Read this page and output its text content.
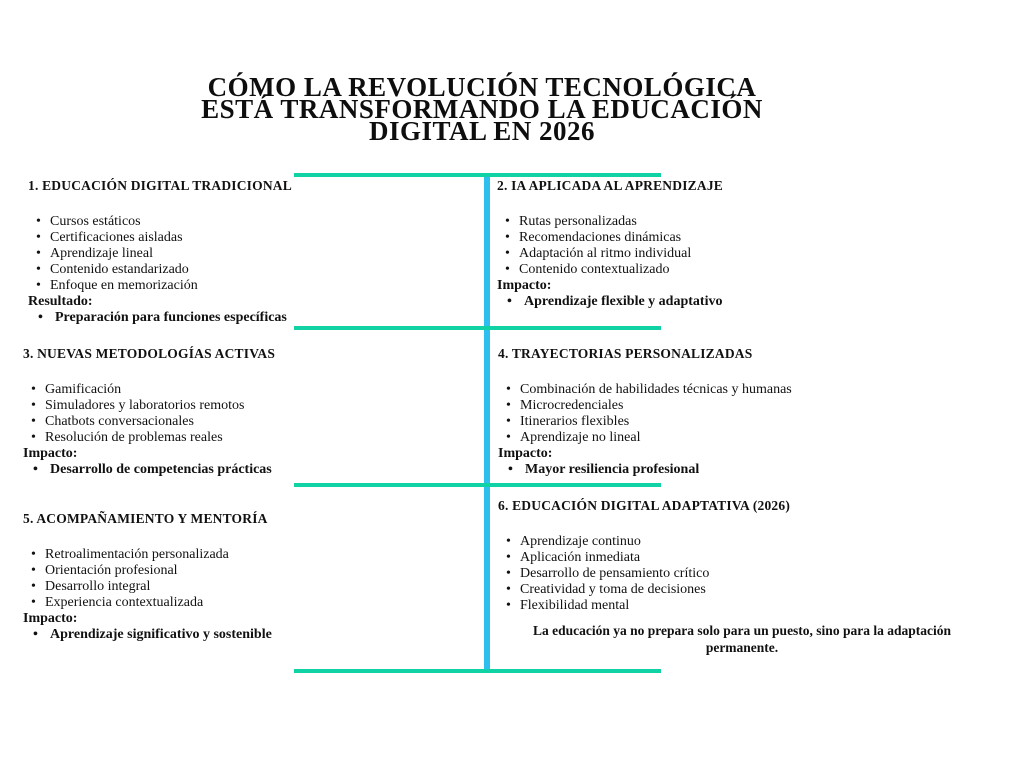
CÓMO LA REVOLUCIÓN TECNOLÓGICA
ESTÁ TRANSFORMANDO LA EDUCACIÓN
DIGITAL EN 2026
1. EDUCACIÓN DIGITAL TRADICIONAL
• Cursos estáticos
• Certificaciones aisladas
• Aprendizaje lineal
• Contenido estandarizado
• Enfoque en memorización
Resultado:
• Preparación para funciones específicas
2. IA APLICADA AL APRENDIZAJE
• Rutas personalizadas
• Recomendaciones dinámicas
• Adaptación al ritmo individual
• Contenido contextualizado
Impacto:
• Aprendizaje flexible y adaptativo
3. NUEVAS METODOLOGÍAS ACTIVAS
• Gamificación
• Simuladores y laboratorios remotos
• Chatbots conversacionales
• Resolución de problemas reales
Impacto:
• Desarrollo de competencias prácticas
4. TRAYECTORIAS PERSONALIZADAS
• Combinación de habilidades técnicas y humanas
• Microcredenciales
• Itinerarios flexibles
• Aprendizaje no lineal
Impacto:
• Mayor resiliencia profesional
5. ACOMPAÑAMIENTO Y MENTORÍA
• Retroalimentación personalizada
• Orientación profesional
• Desarrollo integral
• Experiencia contextualizada
Impacto:
• Aprendizaje significativo y sostenible
6. EDUCACIÓN DIGITAL ADAPTATIVA (2026)
• Aprendizaje continuo
• Aplicación inmediata
• Desarrollo de pensamiento crítico
• Creatividad y toma de decisiones
• Flexibilidad mental
La educación ya no prepara solo para un puesto, sino para la adaptación permanente.
